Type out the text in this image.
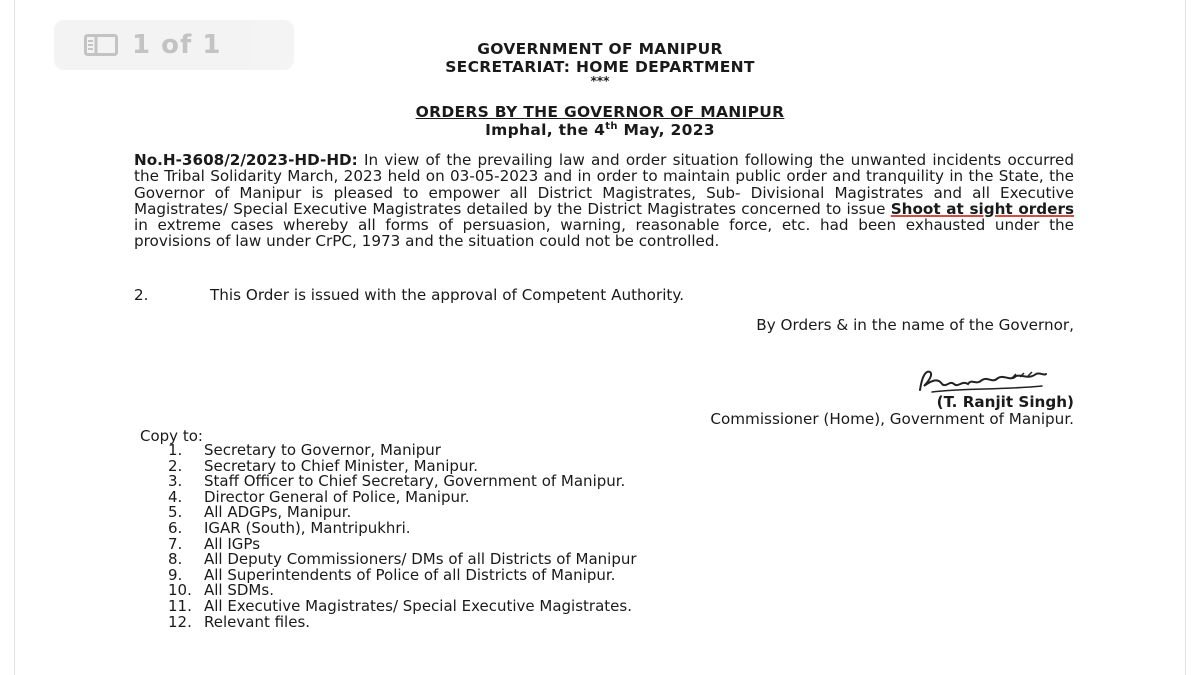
1 of 1	GOVERNMENT OF MANIPUR
SECRETARIAT: HOME DEPARTMENT
***
ORDERS BY THE GOVERNOR OF MANIPUR
Imphal, the 4th May, 2023
No.H-3608/2/2023-HD-HD: In view of the prevailing law and order situation following the unwanted incidents occurred the Tribal Solidarity March, 2023 held on 03-05-2023 and in order to maintain public order and tranquility in the State, the Governor of Manipur is pleased to empower all District Magistrates, Sub- Divisional Magistrates and all Executive Magistrates/ Special Executive Magistrates detailed by the District Magistrates concerned to issue Shoot at sight orders in extreme cases whereby all forms of persuasion, warning, reasonable force, etc. had been exhausted under the provisions of law under CrPC, 1973 and the situation could not be controlled.
2.	This Order is issued with the approval of Competent Authority.
By Orders & in the name of the Governor,
(T. Ranjit Singh)
Commissioner (Home), Government of Manipur.
Copy to:
1. Secretary to Governor, Manipur
2. Secretary to Chief Minister, Manipur.
3. Staff Officer to Chief Secretary, Government of Manipur.
4. Director General of Police, Manipur.
5. All ADGPs, Manipur.
6. IGAR (South), Mantripukhri.
7. All IGPs
8. All Deputy Commissioners/ DMs of all Districts of Manipur
9. All Superintendents of Police of all Districts of Manipur.
10. All SDMs.
11. All Executive Magistrates/ Special Executive Magistrates.
12. Relevant files.
